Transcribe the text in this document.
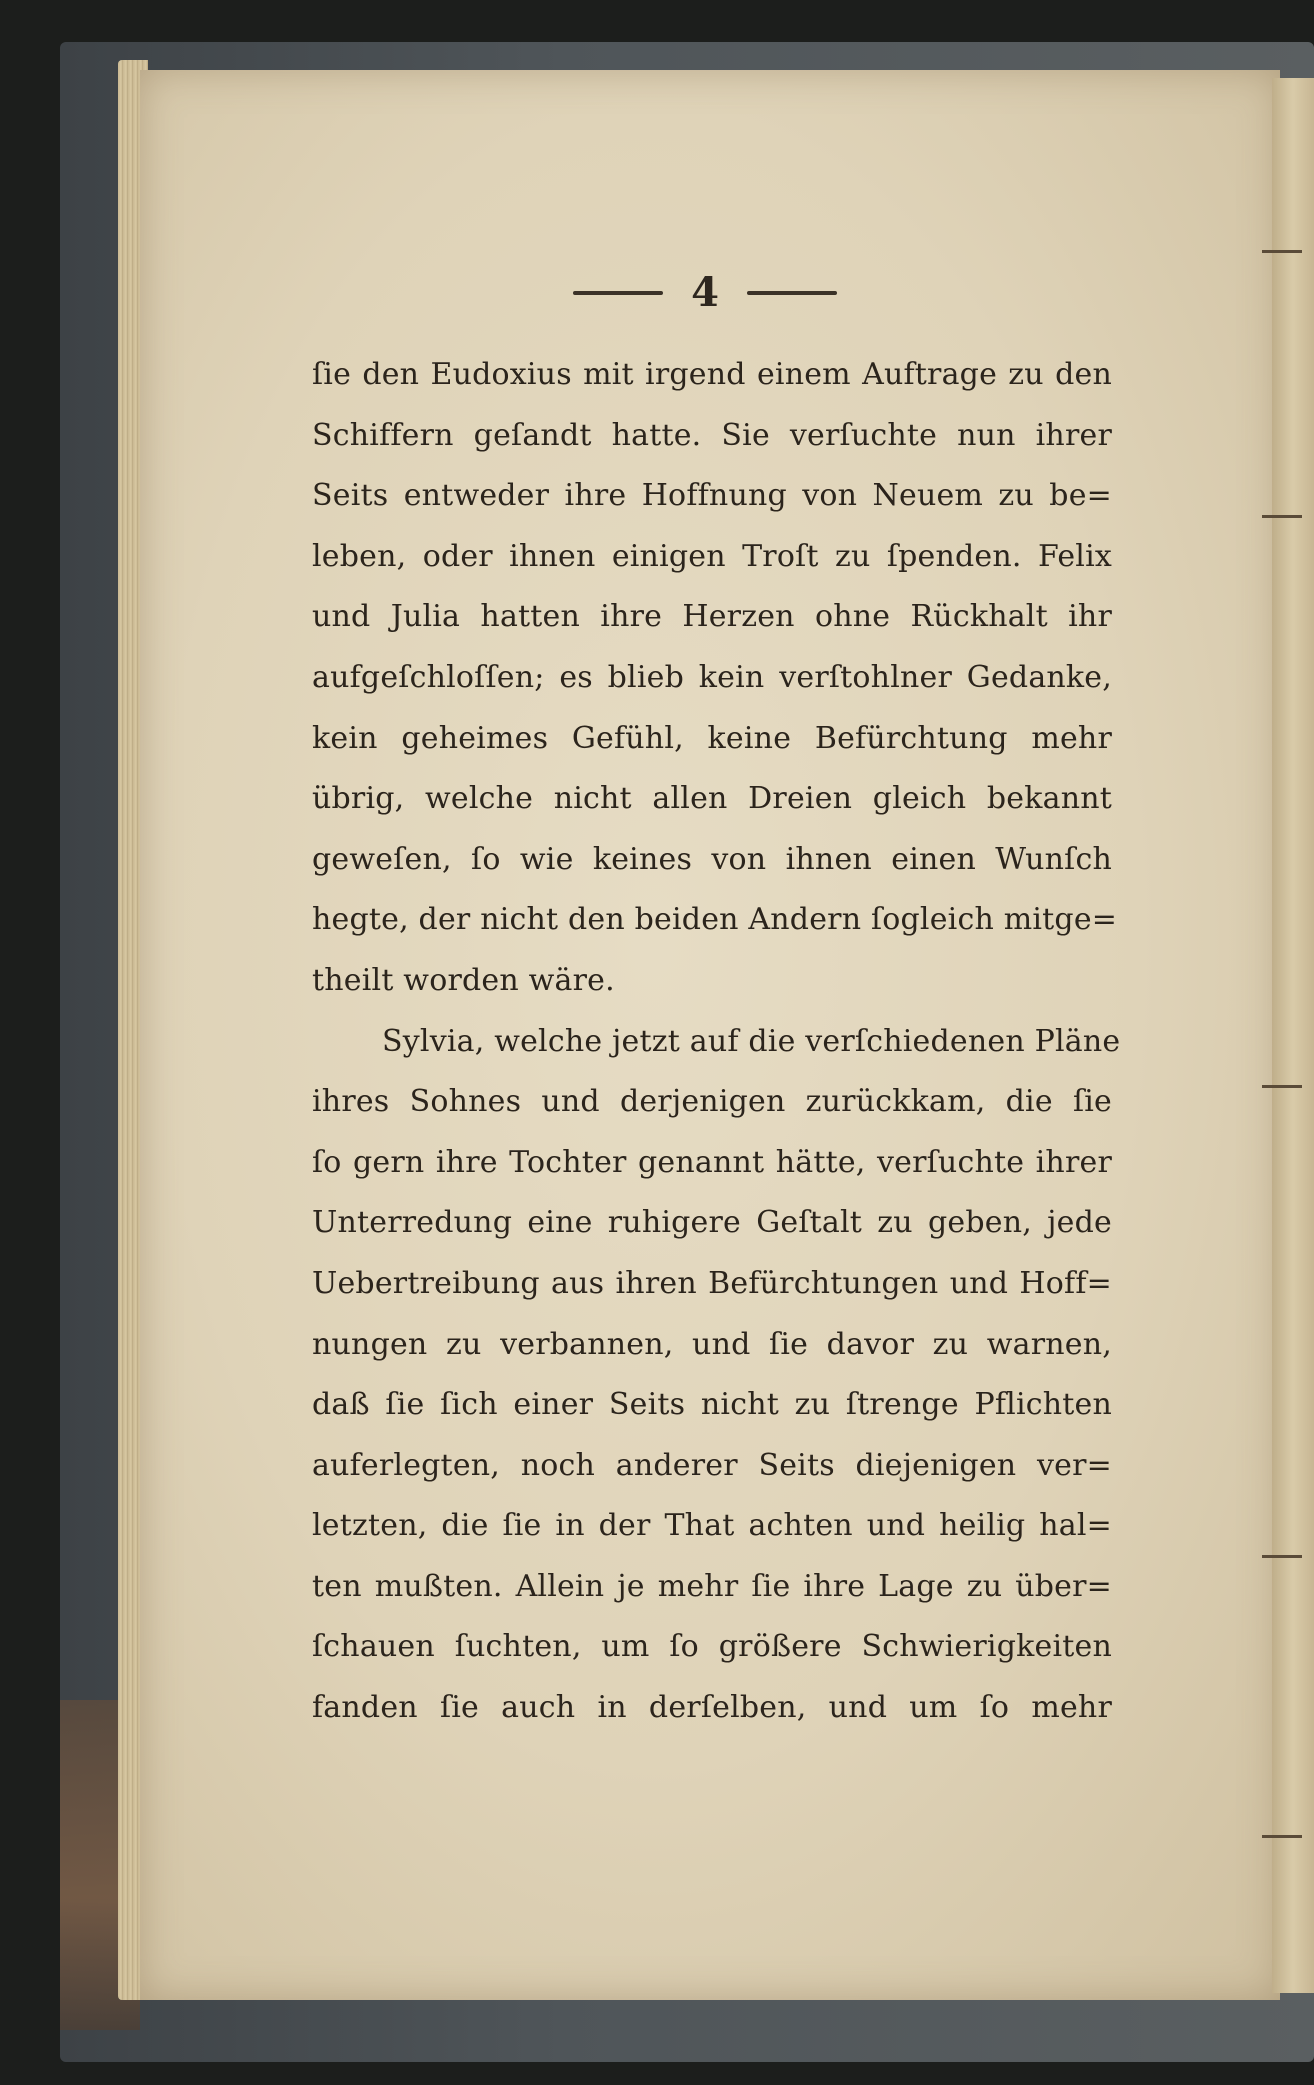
4
ſie den Eudoxius mit irgend einem Auftrage zu den
Schiffern geſandt hatte. Sie verſuchte nun ihrer
Seits entweder ihre Hoffnung von Neuem zu be=
leben, oder ihnen einigen Troſt zu ſpenden. Felix
und Julia hatten ihre Herzen ohne Rückhalt ihr
aufgeſchloſſen; es blieb kein verſtohlner Gedanke,
kein geheimes Gefühl, keine Befürchtung mehr
übrig, welche nicht allen Dreien gleich bekannt
geweſen, ſo wie keines von ihnen einen Wunſch
hegte, der nicht den beiden Andern ſogleich mitge=
theilt worden wäre.
Sylvia, welche jetzt auf die verſchiedenen Pläne
ihres Sohnes und derjenigen zurückkam, die ſie
ſo gern ihre Tochter genannt hätte, verſuchte ihrer
Unterredung eine ruhigere Geſtalt zu geben, jede
Uebertreibung aus ihren Befürchtungen und Hoff=
nungen zu verbannen, und ſie davor zu warnen,
daß ſie ſich einer Seits nicht zu ſtrenge Pflichten
auferlegten, noch anderer Seits diejenigen ver=
letzten, die ſie in der That achten und heilig hal=
ten mußten. Allein je mehr ſie ihre Lage zu über=
ſchauen ſuchten, um ſo größere Schwierigkeiten
fanden ſie auch in derſelben, und um ſo mehr
